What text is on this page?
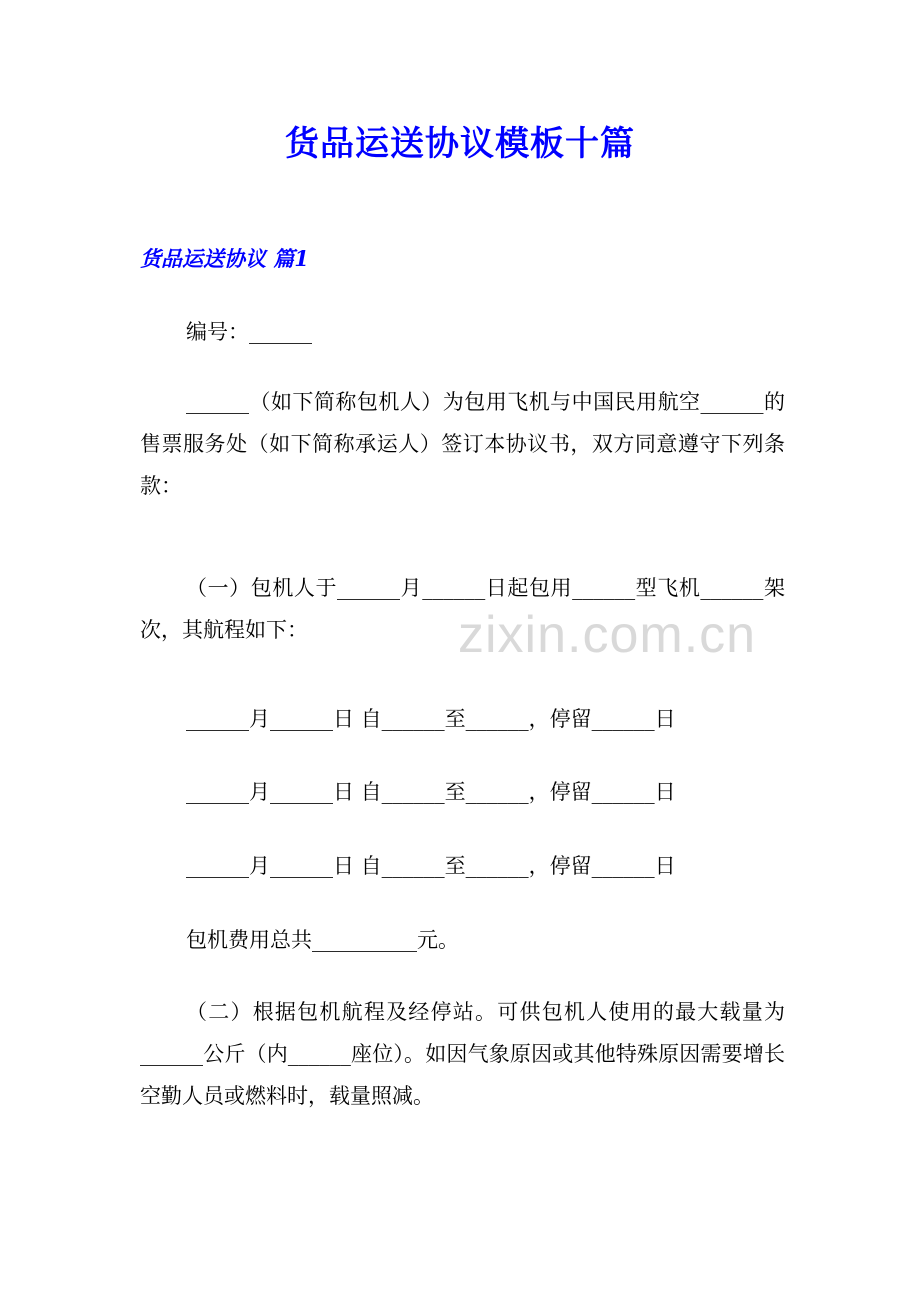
货品运送协议模板十篇
货品运送协议 篇1

编号：______

______（如下简称包机人）为包用飞机与中国民用航空______的售票服务处（如下简称承运人）签订本协议书，双方同意遵守下列条款：

（一）包机人于______月______日起包用______型飞机______架次，其航程如下：

______月______日 自______至______，停留______日

______月______日 自______至______，停留______日

______月______日 自______至______，停留______日

包机费用总共__________元。

（二）根据包机航程及经停站。可供包机人使用的最大载量为______公斤（内______座位）。如因气象原因或其他特殊原因需要增长空勤人员或燃料时，载量照减。

zixin.com.cn
